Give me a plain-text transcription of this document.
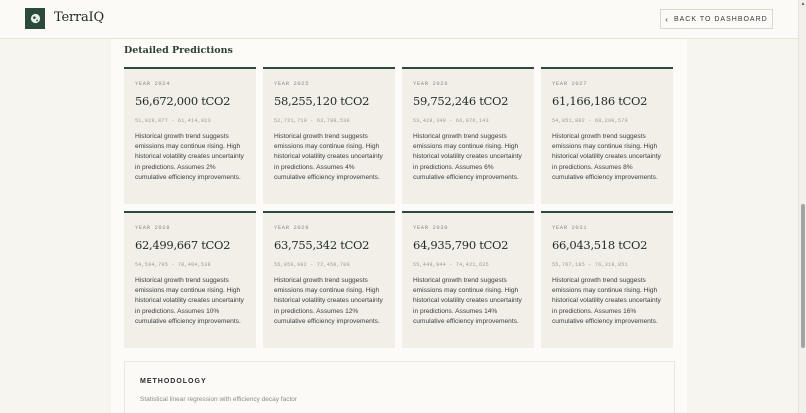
TerraIQ	‹ BACK TO DASHBOARD
Detailed Predictions
YEAR 2024
56,672,000 tCO2
51,929,877 - 61,414,923
Historical growth trend suggests emissions may continue rising. High historical volatility creates uncertainty in predictions. Assumes 2% cumulative efficiency improvements.
YEAR 2025
58,255,120 tCO2
52,721,710 - 63,788,530
Historical growth trend suggests emissions may continue rising. High historical volatility creates uncertainty in predictions. Assumes 4% cumulative efficiency improvements.
YEAR 2026
59,752,246 tCO2
53,428,349 - 66,076,143
Historical growth trend suggests emissions may continue rising. High historical volatility creates uncertainty in predictions. Assumes 6% cumulative efficiency improvements.
YEAR 2027
61,166,186 tCO2
54,051,802 - 68,280,570
Historical growth trend suggests emissions may continue rising. High historical volatility creates uncertainty in predictions. Assumes 8% cumulative efficiency improvements.
YEAR 2028
62,499,667 tCO2
54,594,795 - 70,404,538
Historical growth trend suggests emissions may continue rising. High historical volatility creates uncertainty in predictions. Assumes 10% cumulative efficiency improvements.
YEAR 2029
63,755,342 tCO2
55,059,982 - 72,450,700
Historical growth trend suggests emissions may continue rising. High historical volatility creates uncertainty in predictions. Assumes 12% cumulative efficiency improvements.
YEAR 2030
64,935,790 tCO2
55,449,944 - 74,421,635
Historical growth trend suggests emissions may continue rising. High historical volatility creates uncertainty in predictions. Assumes 14% cumulative efficiency improvements.
YEAR 2031
66,043,518 tCO2
55,767,185 - 76,319,851
Historical growth trend suggests emissions may continue rising. High historical volatility creates uncertainty in predictions. Assumes 16% cumulative efficiency improvements.
METHODOLOGY
Statistical linear regression with efficiency decay factor
▴
